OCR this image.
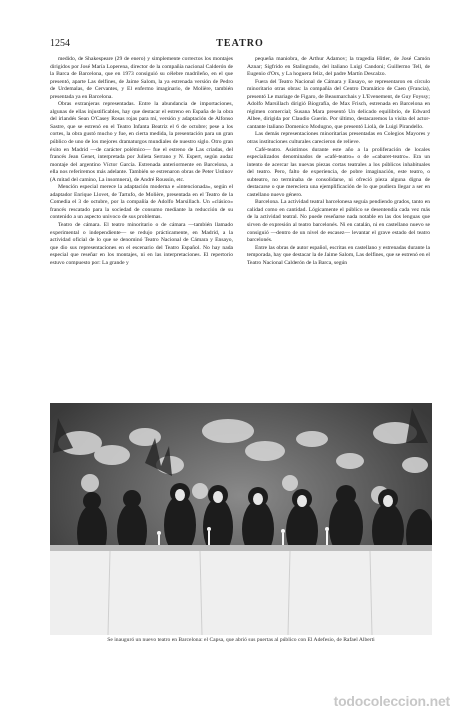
1254	TEATRO

medido, de Shakespeare (29 de enero) y simplemente correctos los montajes dirigidos por José María Loperena, director de la compañía nacional Calderón de la Barca de Barcelona, que en 1973 consiguió su célebre madrileño, en el que presentó, aparte Las delfines, de Jaime Salom, la ya estrenada versión de Pedro de Urdemalas, de Cervantes, y El enfermo imaginario, de Molière, también presentada ya en Barcelona.

Obras extranjeras representadas. Entre la abundancia de importaciones, algunas de ellas injustificables, hay que destacar el estreno en España de la obra del irlandés Sean O'Casey Rosas rojas para mí, versión y adaptación de Alfonso Sastre, que se estrenó en el Teatro Infanta Beatriz el 6 de octubre; pese a los cortes, la obra gustó mucho y fue, en cierta medida, la presentación para un gran público de uno de los mejores dramaturgos mundiales de nuestro siglo. Otro gran éxito en Madrid —de carácter polémico— fue el estreno de Las criadas, del francés Jean Genet, interpretada por Julieta Serrano y N. Espert, según audaz montaje del argentino Víctor García. Estrenada anteriormente en Barcelona, a ella nos referiremos más adelante. También se estrenaron obras de Peter Ustinov (A mitad del camino, La insomnera), de André Roussin, etc.

Mención especial merece la adaptación moderna e «intencionada», según el adaptador Enrique Llovet, de Tartufo, de Molière, presentada en el Teatro de la Comedia el 3 de octubre, por la compañía de Adolfo Marsillach. Un «clásico» francés rescatado para la sociedad de consumo mediante la reducción de su contenido a un aspecto univoco de sus problemas.

Teatro de cámara. El teatro minoritario o de cámara —también llamado experimental o independiente— se redujo prácticamente, en Madrid, a la actividad oficial de lo que se denominó Teatro Nacional de Cámara y Ensayo, que dio sus representaciones en el escenario del Teatro Español. No hay nada especial que reseñar en los montajes, ni en las interpretaciones. El repertorio estuvo compuesto por: La grande y

pequeña maniobra, de Arthur Adamov; la tragedia Hitler, de José Camón Aznar; Sigfrido en Stalingrado, del italiano Luigi Candoni; Guillermo Tell, de Eugenio d'Ors, y La hoguera feliz, del padre Martín Descalzo.

Fuera del Teatro Nacional de Cámara y Ensayo, se representaron en círculo minoritario otras obras: la compañía del Centro Dramático de Caen (Francia), presentó Le mariage de Figaro, de Beaumarchais y L'Evenement, de Guy Foyssy; Adolfo Marsillach dirigió Biografía, de Max Frisch, estrenada en Barcelona en régimen comercial; Susana Mara presentó Un delicado equilibrio, de Edward Albee, dirigida por Claudio Guerin. Por último, destacaremos la visita del actor-cantante italiano Domenico Modugno, que presentó Liolà, de Luigi Pirandello.

Las demás representaciones minoritarias presentadas en Colegios Mayores y otras instituciones culturales carecieron de relieve.

Café-teatro. Asistimos durante este año a la proliferación de locales especializados denominados de «café-teatro» o de «cabaret-teatro». Era un intento de acercar las nuevas piezas cortas teatrales a los públicos inhabituales del teatro. Pero, falto de experiencia, de pobre imaginación, este teatro, o subteatro, no terminaba de consolidarse, ni ofreció pieza alguna digna de destacarse o que mereciera una ejemplificación de lo que pudiera llegar a ser en castellano nuevo género.

Barcelona. La actividad teatral barcelonesa seguía pendiendo grados, tanto en calidad como en cantidad. Lógicamente el público se desentendía cada vez más de la actividad teatral. No puede reseñarse nada notable en las dos lenguas que sirven de expresión al teatro barcelonés. Ni en catalán, ni en castellano nuevo se consiguió —dentro de un nivel de escasez— levantar el grave estado del teatro barcelonés.

Entre las obras de autor español, escritas en castellano y estrenadas durante la temporada, hay que destacar la de Jaime Salom, Las delfines, que se estrenó en el Teatro Nacional Calderón de la Barca, según

Se inauguró un nuevo teatro en Barcelona: el Capsa, que abrió sus puertas al público con El Adefesio, de Rafael Alberti
todocoleccion.net
